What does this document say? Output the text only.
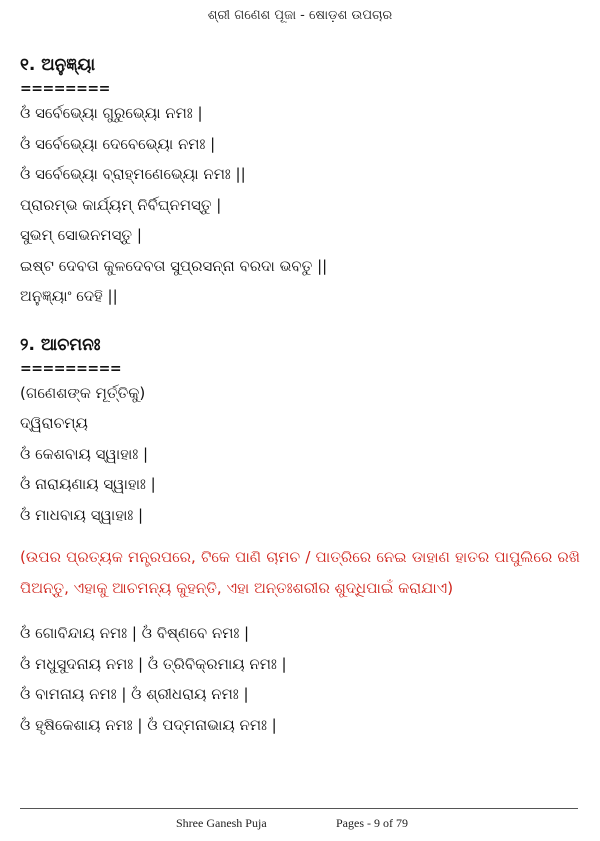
ଶ୍ରୀ ଗଣେଶ ପୂଜା - ଷୋଡ଼ଶ ଉପଚାର
୧. ଅନୁଜ୍ଞ୍ୟା
========
ଓଁ ସର୍ବେଭ୍ୟୋ ଗୁରୁଭ୍ୟୋ ନମଃ |
ଓଁ ସର୍ବେଭ୍ୟୋ ଦେବେଭ୍ୟୋ ନମଃ |
ଓଁ ସର୍ବେଭ୍ୟୋ ବ୍ରାହ୍ମଣେଭ୍ୟୋ ନମଃ ||
ପ୍ରାରମ୍ଭ କାର୍ଯ୍ୟମ୍ ନିର୍ବିଘ୍ନମସ୍ତୁ |
ସୁଭମ୍ ସୋଭନମସ୍ତୁ |
ଇଷ୍ଟ ଦେବତା କୁଳଦେବତା ସୁପ୍ରସନ୍ନା ବରଦା ଭବତୁ ||
ଅନୁଜ୍ଞ୍ୟାଂ ଦେହି ||
୨. ଆଚମନଃ
=========
(ଗଣେଶଙ୍କ ମୂର୍ତ୍ତିକୁ)
ଦ୍ୱିରାଚମ୍ୟ
ଓଁ କେଶବାୟ ସ୍ୱାହାଃ |
ଓଁ ନାରାୟଣାୟ ସ୍ୱାହାଃ |
ଓଁ ମାଧବାୟ ସ୍ୱାହାଃ |
(ଉପର ପ୍ରତ୍ୟକ ମନ୍ତ୍ରପରେ, ଟିକେ ପାଣି ଚାମଚ / ପାତ୍ରିରେ ନେଇ ଡାହାଣ ହାତର ପାପୁଲିରେ ରଖି ପିଅନ୍ତୁ, ଏହାକୁ ଆଚମନ୍ୟ କୁହନ୍ତି, ଏହା ଅନ୍ତଃଶରୀର ଶୁଦ୍ଧିପାଇଁ କରାଯାଏ)
ଓଁ ଗୋବିନ୍ଦାୟ ନମଃ | ଓଁ ବିଷ୍ଣବେ ନମଃ |
ଓଁ ମଧୁସୁଦନାୟ ନମଃ | ଓଁ ତ୍ରିବିକ୍ରମାୟ ନମଃ |
ଓଁ ବାମନାୟ ନମଃ | ଓଁ ଶ୍ରୀଧରାୟ ନମଃ |
ଓଁ ହୃଷିକେଶାୟ ନମଃ | ଓଁ ପଦ୍ମନାଭାୟ ନମଃ |
Shree Ganesh Puja	Pages - 9 of 79
